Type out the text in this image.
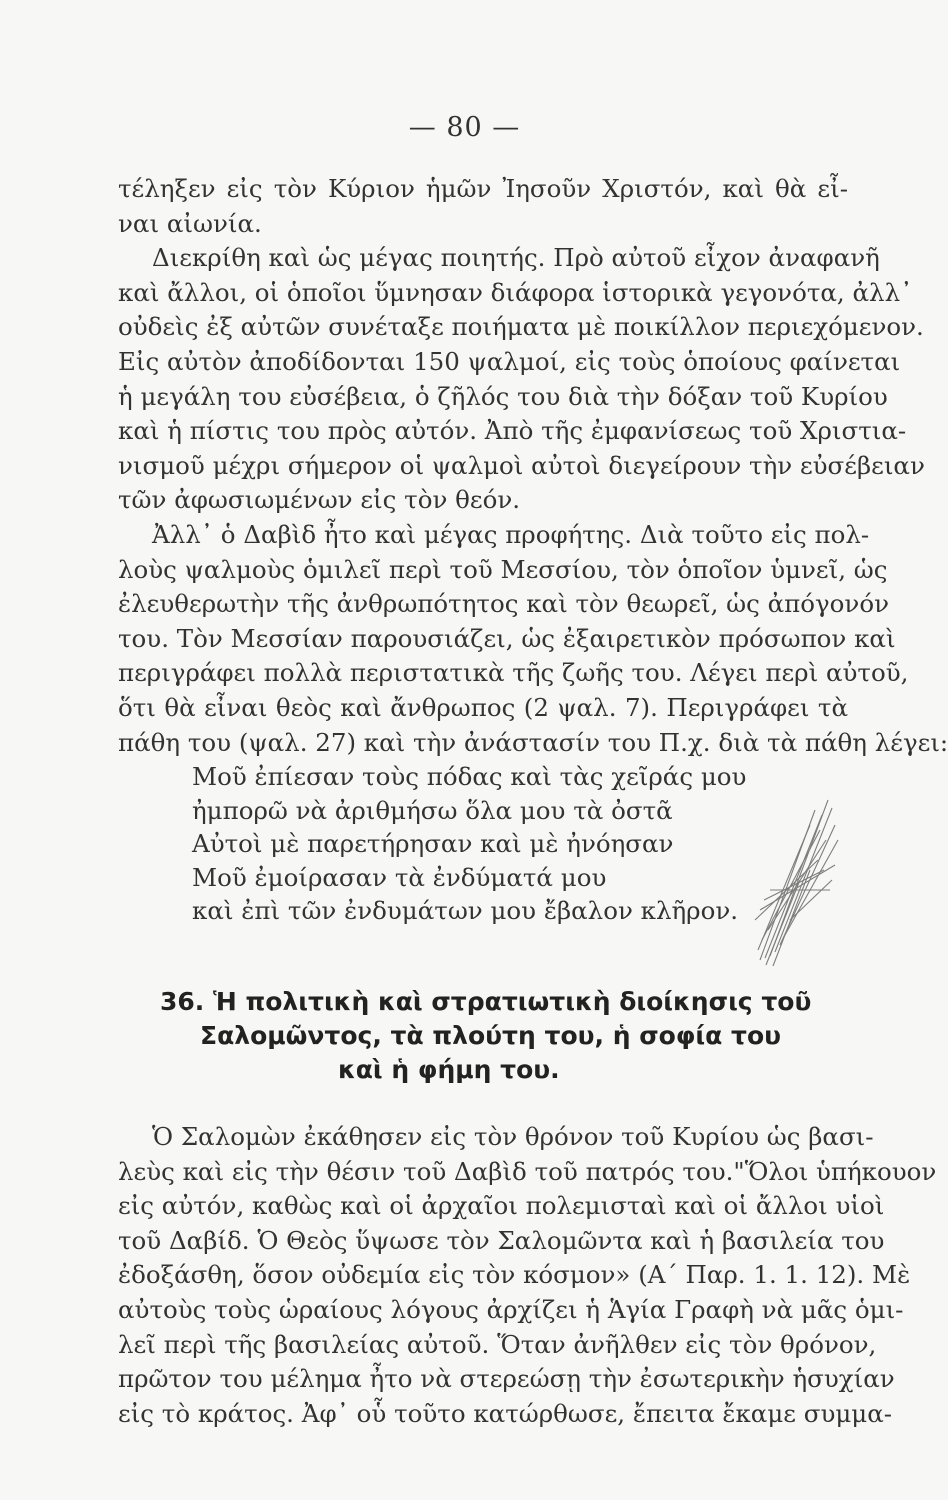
— 80 —
τέληξεν εἰς τὸν Κύριον ἡμῶν Ἰησοῦν Χριστόν, καὶ θὰ εἶ-
ναι αἰωνία.
Διεκρίθη καὶ ὡς μέγας ποιητής. Πρὸ αὐτοῦ εἶχον ἀναφανῆ
καὶ ἄλλοι, οἱ ὁποῖοι ὕμνησαν διάφορα ἱστορικὰ γεγονότα, ἀλλ᾽
οὐδεὶς ἐξ αὐτῶν συνέταξε ποιήματα μὲ ποικίλλον περιεχόμενον.
Εἰς αὐτὸν ἀποδίδονται 150 ψαλμοί, εἰς τοὺς ὁποίους φαίνεται
ἡ μεγάλη του εὐσέβεια, ὁ ζῆλός του διὰ τὴν δόξαν τοῦ Κυρίου
καὶ ἡ πίστις του πρὸς αὐτόν. Ἀπὸ τῆς ἐμφανίσεως τοῦ Χριστια-
νισμοῦ μέχρι σήμερον οἱ ψαλμοὶ αὐτοὶ διεγείρουν τὴν εὐσέβειαν
τῶν ἀφωσιωμένων εἰς τὸν θεόν.
Ἀλλ᾽ ὁ Δαβὶδ ἦτο καὶ μέγας προφήτης. Διὰ τοῦτο εἰς πολ-
λοὺς ψαλμοὺς ὁμιλεῖ περὶ τοῦ Μεσσίου, τὸν ὁποῖον ὑμνεῖ, ὡς
ἐλευθερωτὴν τῆς ἀνθρωπότητος καὶ τὸν θεωρεῖ, ὡς ἀπόγονόν
του. Τὸν Μεσσίαν παρουσιάζει, ὡς ἐξαιρετικὸν πρόσωπον καὶ
περιγράφει πολλὰ περιστατικὰ τῆς ζωῆς του. Λέγει περὶ αὐτοῦ,
ὅτι θὰ εἶναι θεὸς καὶ ἄνθρωπος (2 ψαλ. 7). Περιγράφει τὰ
πάθη του (ψαλ. 27) καὶ τὴν ἀνάστασίν του Π.χ. διὰ τὰ πάθη λέγει:
Μοῦ ἐπίεσαν τοὺς πόδας καὶ τὰς χεῖράς μου
ἠμπορῶ νὰ ἀριθμήσω ὅλα μου τὰ ὀστᾶ
Αὐτοὶ μὲ παρετήρησαν καὶ μὲ ἠνόησαν
Μοῦ ἐμοίρασαν τὰ ἐνδύματά μου
καὶ ἐπὶ τῶν ἐνδυμάτων μου ἔβαλον κλῆρον.
36. Ἡ πολιτικὴ καὶ στρατιωτικὴ διοίκησις τοῦ
Σαλομῶντος, τὰ πλούτη του, ἡ σοφία του
καὶ ἡ φήμη του.
Ὁ Σαλομὼν ἐκάθησεν εἰς τὸν θρόνον τοῦ Κυρίου ὡς βασι-
λεὺς καὶ εἰς τὴν θέσιν τοῦ Δαβὶδ τοῦ πατρός του."Ὅλοι ὑπήκουον
εἰς αὐτόν, καθὼς καὶ οἱ ἀρχαῖοι πολεμισταὶ καὶ οἱ ἄλλοι υἱοὶ
τοῦ Δαβίδ. Ὁ Θεὸς ὕψωσε τὸν Σαλομῶντα καὶ ἡ βασιλεία του
ἐδοξάσθη, ὅσον οὐδεμία εἰς τὸν κόσμον» (Α΄ Παρ. 1. 1. 12). Μὲ
αὐτοὺς τοὺς ὡραίους λόγους ἀρχίζει ἡ Ἁγία Γραφὴ νὰ μᾶς ὁμι-
λεῖ περὶ τῆς βασιλείας αὐτοῦ. Ὅταν ἀνῆλθεν εἰς τὸν θρόνον,
πρῶτον του μέλημα ἦτο νὰ στερεώσῃ τὴν ἐσωτερικὴν ἡσυχίαν
εἰς τὸ κράτος. Ἀφ᾽ οὗ τοῦτο κατώρθωσε, ἔπειτα ἔκαμε συμμα-
